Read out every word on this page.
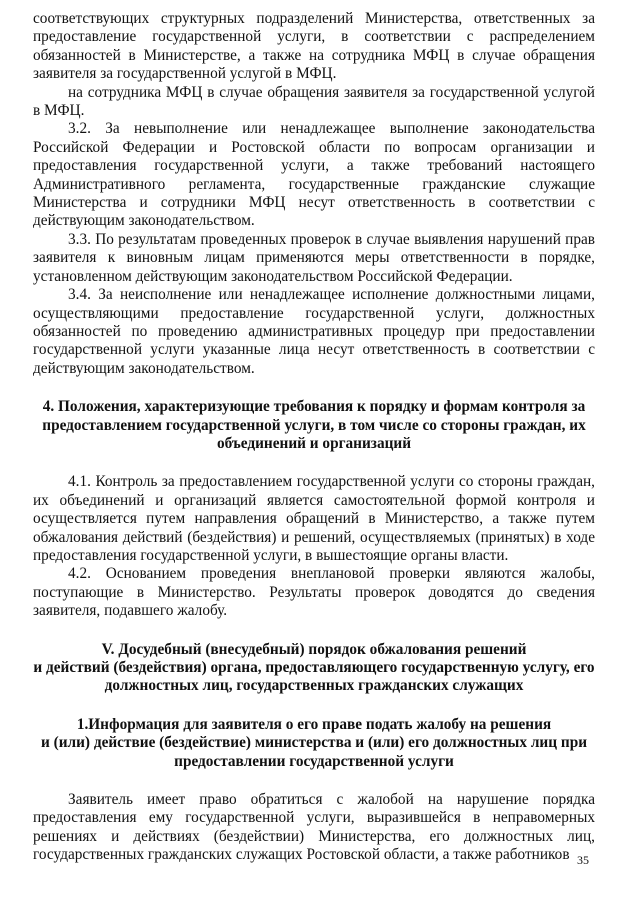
соответствующих структурных подразделений Министерства, ответственных за предоставление государственной услуги, в соответствии с распределением обязанностей в Министерстве, а также на сотрудника МФЦ в случае обращения заявителя за государственной услугой в МФЦ.

на сотрудника МФЦ в случае обращения заявителя за государственной услугой в МФЦ.

3.2. За невыполнение или ненадлежащее выполнение законодательства Российской Федерации и Ростовской области по вопросам организации и предоставления государственной услуги, а также требований настоящего Административного регламента, государственные гражданские служащие Министерства и сотрудники МФЦ несут ответственность в соответствии с действующим законодательством.

3.3. По результатам проведенных проверок в случае выявления нарушений прав заявителя к виновным лицам применяются меры ответственности в порядке, установленном действующим законодательством Российской Федерации.

3.4. За неисполнение или ненадлежащее исполнение должностными лицами, осуществляющими предоставление государственной услуги, должностных обязанностей по проведению административных процедур при предоставлении государственной услуги указанные лица несут ответственность в соответствии с действующим законодательством.

4. Положения, характеризующие требования к порядку и формам контроля за
предоставлением государственной услуги, в том числе со стороны граждан, их
объединений и организаций

4.1. Контроль за предоставлением государственной услуги со стороны граждан, их объединений и организаций является самостоятельной формой контроля и осуществляется путем направления обращений в Министерство, а также путем обжалования действий (бездействия) и решений, осуществляемых (принятых) в ходе предоставления государственной услуги, в вышестоящие органы власти.

4.2. Основанием проведения внеплановой проверки являются жалобы, поступающие в Министерство. Результаты проверок доводятся до сведения заявителя, подавшего жалобу.

V. Досудебный (внесудебный) порядок обжалования решений
и действий (бездействия) органа, предоставляющего государственную услугу, его
должностных лиц, государственных гражданских служащих
1.Информация для заявителя о его праве подать жалобу на решения
и (или) действие (бездействие) министерства и (или) его должностных лиц при
предоставлении государственной услуги

Заявитель имеет право обратиться с жалобой на нарушение порядка предоставления ему государственной услуги, выразившейся в неправомерных решениях и действиях (бездействии) Министерства, его должностных лиц, государственных гражданских служащих Ростовской области, а также работников 35
